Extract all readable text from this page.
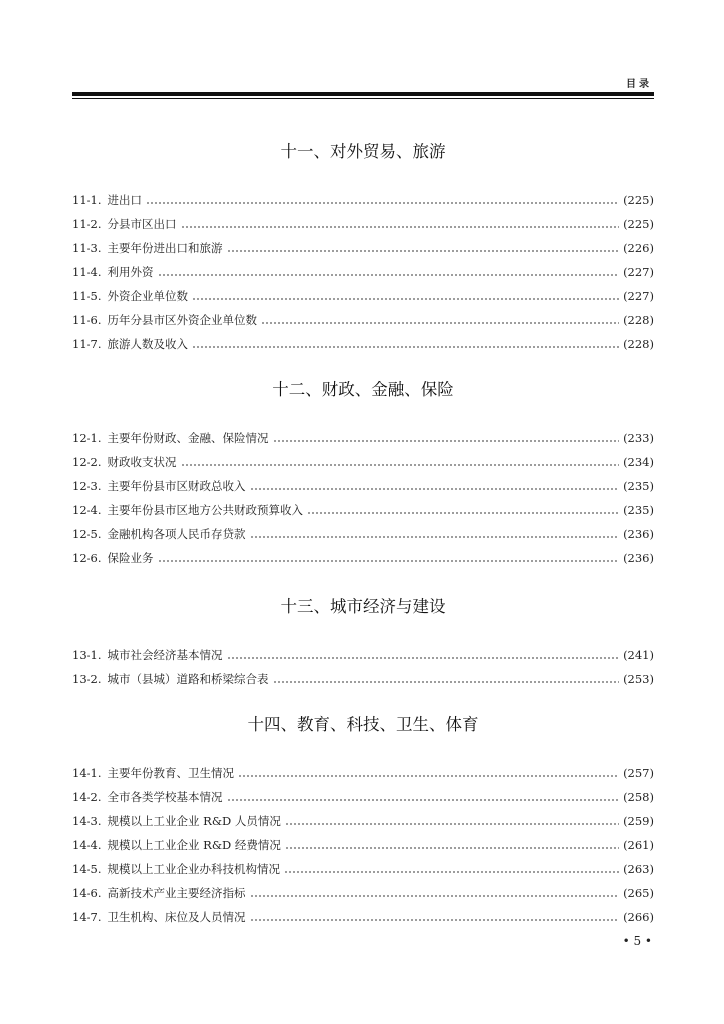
目录
十一、对外贸易、旅游
11-1. 进出口	(225)
11-2. 分县市区出口	(225)
11-3. 主要年份进出口和旅游	(226)
11-4. 利用外资	(227)
11-5. 外资企业单位数	(227)
11-6. 历年分县市区外资企业单位数	(228)
11-7. 旅游人数及收入	(228)
十二、财政、金融、保险
12-1. 主要年份财政、金融、保险情况	(233)
12-2. 财政收支状况	(234)
12-3. 主要年份县市区财政总收入	(235)
12-4. 主要年份县市区地方公共财政预算收入	(235)
12-5. 金融机构各项人民币存贷款	(236)
12-6. 保险业务	(236)
十三、城市经济与建设
13-1. 城市社会经济基本情况	(241)
13-2. 城市（县城）道路和桥梁综合表	(253)
十四、教育、科技、卫生、体育
14-1. 主要年份教育、卫生情况	(257)
14-2. 全市各类学校基本情况	(258)
14-3. 规模以上工业企业 R&D 人员情况	(259)
14-4. 规模以上工业企业 R&D 经费情况	(261)
14-5. 规模以上工业企业办科技机构情况	(263)
14-6. 高新技术产业主要经济指标	(265)
14-7. 卫生机构、床位及人员情况	(266)
• 5 •
